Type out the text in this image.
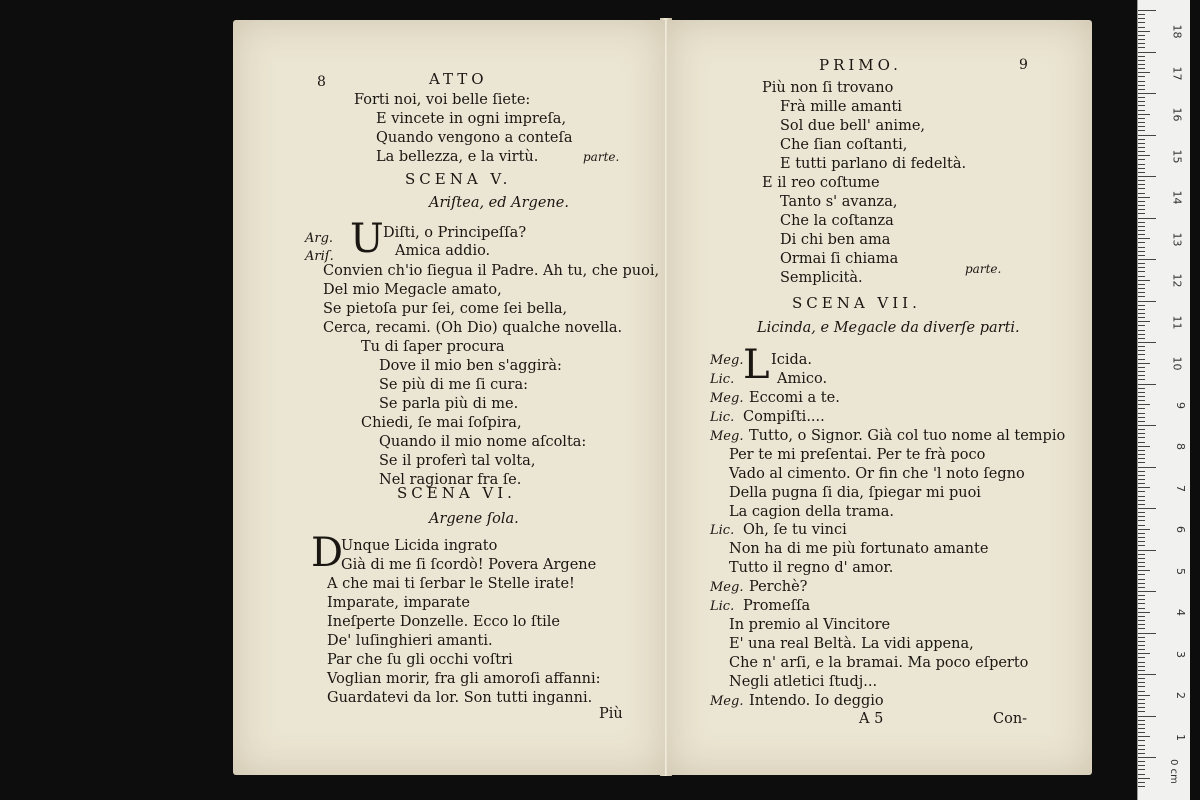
8	ATTO
Forti noi, voi belle ſiete:
E vincete in ogni impreſa,
Quando vengono a conteſa
La bellezza, e la virtù.	parte.
SCENA V.
Ariſtea, ed Argene.
Arg.
Ariſ. U Diſti, o Principeſſa?
Amica addio.
Convien ch'io ſiegua il Padre. Ah tu, che puoi,
Del mio Megacle amato,
Se pietoſa pur ſei, come ſei bella,
Cerca, recami. (Oh Dio) qualche novella.
Tu di ſaper procura
Dove il mio ben s'aggirà:
Se più di me ſi cura:
Se parla più di me.
Chiedi, ſe mai ſoſpira,
Quando il mio nome aſcolta:
Se il proferì tal volta,
Nel ragionar fra ſe.
SCENA VI.
Argene ſola.
D
Unque Licida ingrato
Già di me ſi ſcordò! Povera Argene
A che mai ti ſerbar le Stelle irate!
Imparate, imparate
Ineſperte Donzelle. Ecco lo ſtile
De' luſinghieri amanti.
Par che ſu gli occhi voſtri
Voglian morir, fra gli amoroſi affanni:
Guardatevi da lor. Son tutti inganni.
Più
PRIMO.	9
Più non ſi trovano
Frà mille amanti
Sol due bell' anime,
Che ſian coſtanti,
E tutti parlano di fedeltà.
E il reo coſtume
Tanto s' avanza,
Che la coſtanza
Di chi ben ama
Ormai ſi chiama
Semplicità.
parte.
SCENA VII.
Licinda, e Megacle da diverſe parti.
L
Meg. Icida.
Lic.	Amico.
Meg. Eccomi a te.
Lic. Compiſti....
Meg. Tutto, o Signor. Già col tuo nome al tempio
Per te mi preſentai. Per te frà poco
Vado al cimento. Or fin che 'l noto ſegno
Della pugna ſi dia, ſpiegar mi puoi
La cagion della trama.
Lic. Oh, ſe tu vinci
Non ha di me più fortunato amante
Tutto il regno d' amor.
Meg. Perchè?
Lic. Promeſſa
In premio al Vincitore
E' una real Beltà. La vidi appena,
Che n' arſi, e la bramai. Ma poco eſperto
Negli atletici ſtudj...
Meg. Intendo. Io deggio
A 5	Con-
18
17
16
15
14
13
12
11
10
9
8
7
6
5
4
3
2
1
0 cm
